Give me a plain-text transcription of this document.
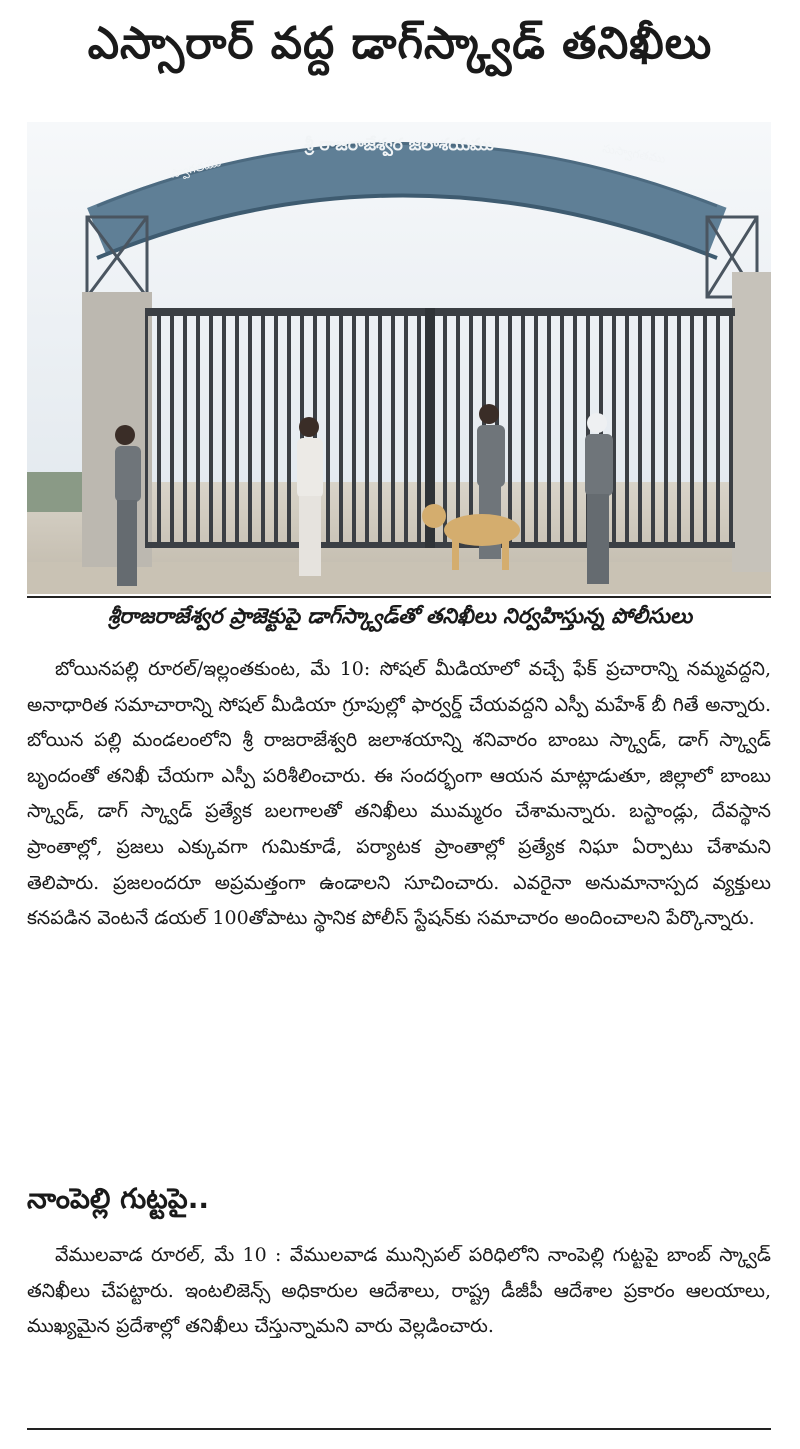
ఎస్సారార్ వద్ద డాగ్‌స్క్వాడ్ తనిఖీలు
స్వాగతము
శ్రీ రాజరాజేశ్వర జలాశయము	సుస్వాగతము
శ్రీరాజరాజేశ్వర ప్రాజెక్టుపై డాగ్‌స్క్వాడ్‌తో తనిఖీలు నిర్వహిస్తున్న పోలీసులు

బోయినపల్లి రూరల్/ఇల్లంతకుంట, మే 10: సోషల్ మీడియాలో వచ్చే ఫేక్ ప్రచారాన్ని నమ్మవద్దని, అనాధారిత సమాచారాన్ని సోషల్ మీడియా గ్రూపుల్లో ఫార్వర్డ్ చేయవద్దని ఎస్పీ మహేశ్ బీ గితే అన్నారు. బోయిన పల్లి మండలంలోని శ్రీ రాజరాజేశ్వరి జలాశయాన్ని శనివారం బాంబు స్క్వాడ్, డాగ్ స్క్వాడ్ బృందంతో తనిఖీ చేయగా ఎస్పీ పరిశీలించారు. ఈ సందర్భంగా ఆయన మాట్లాడుతూ, జిల్లాలో బాంబు స్క్వాడ్, డాగ్ స్క్వాడ్ ప్రత్యేక బలగాలతో తనిఖీలు ముమ్మరం చేశామన్నారు. బస్టాండ్లు, దేవస్థాన ప్రాంతాల్లో, ప్రజలు ఎక్కువగా గుమికూడే, పర్యాటక ప్రాంతాల్లో ప్రత్యేక నిఘా ఏర్పాటు చేశామని తెలిపారు. ప్రజలందరూ అప్రమత్తంగా ఉండాలని సూచించారు. ఎవరైనా అనుమానాస్పద వ్యక్తులు కనపడిన వెంటనే డయల్ 100తోపాటు స్థానిక పోలీస్ స్టేషన్‌కు సమాచారం అందించాలని పేర్కొన్నారు.

నాంపెల్లి గుట్టపై..

వేములవాడ రూరల్, మే 10 : వేములవాడ మున్సిపల్ పరిధిలోని నాంపెల్లి గుట్టపై బాంబ్ స్క్వాడ్ తనిఖీలు చేపట్టారు. ఇంటలిజెన్స్ అధికారుల ఆదేశాలు, రాష్ట్ర డీజీపీ ఆదేశాల ప్రకారం ఆలయాలు, ముఖ్యమైన ప్రదేశాల్లో తనిఖీలు చేస్తున్నామని వారు వెల్లడించారు.
